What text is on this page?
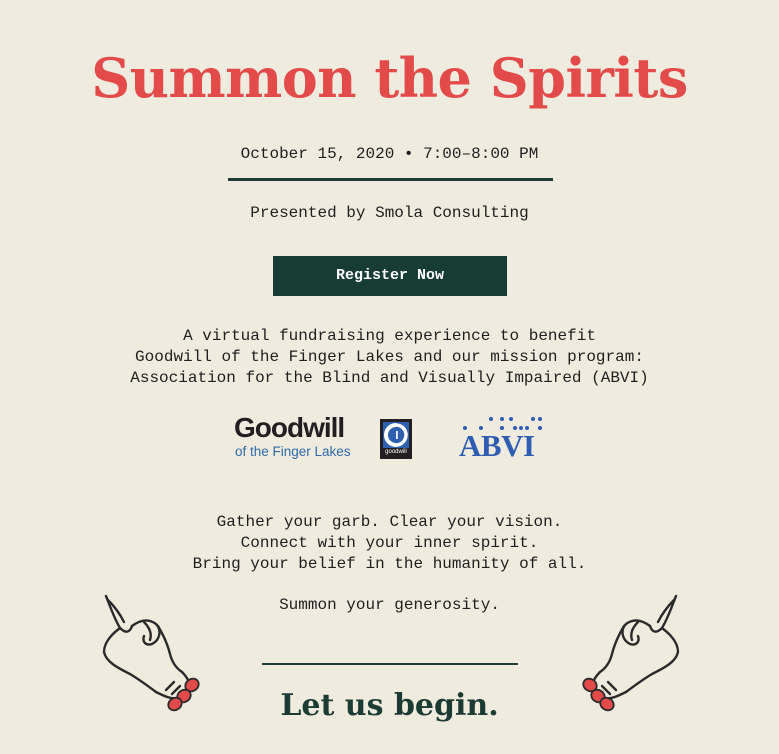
Summon the Spirits
October 15, 2020 • 7:00–8:00 PM
Presented by Smola Consulting
Register Now
A virtual fundraising experience to benefit
Goodwill of the Finger Lakes and our mission program:
Association for the Blind and Visually Impaired (ABVI)
Goodwill
of the Finger Lakes	goodwill ABVI
Gather your garb. Clear your vision.
Connect with your inner spirit.
Bring your belief in the humanity of all.
Summon your generosity.
Let us begin.
